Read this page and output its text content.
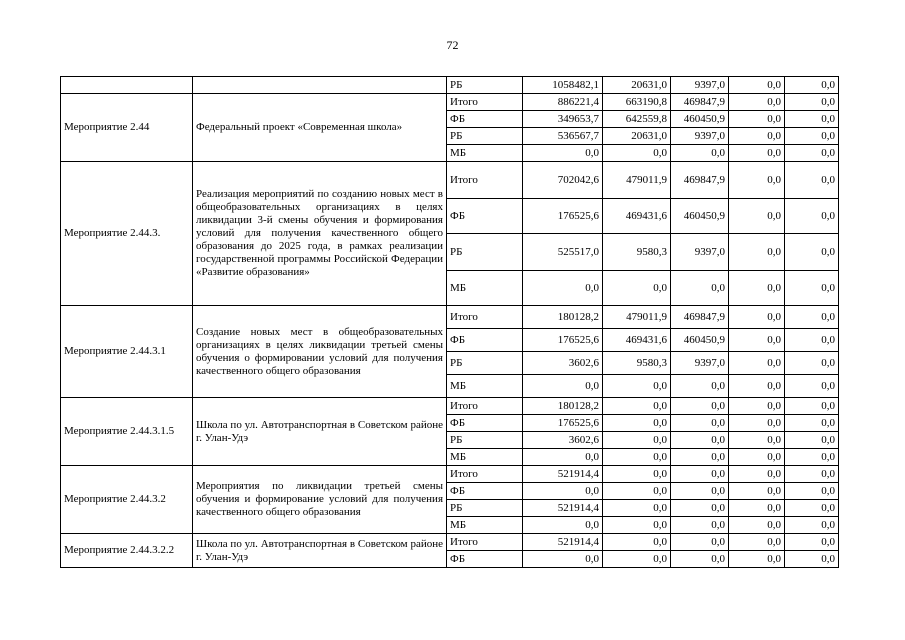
72
		РБ	1058482,1	20631,0	9397,0	0,0	0,0
Мероприятие 2.44	Федеральный проект «Современная школа»	Итого	886221,4	663190,8	469847,9	0,0	0,0
		ФБ	349653,7	642559,8	460450,9	0,0	0,0
		РБ	536567,7	20631,0	9397,0	0,0	0,0
		МБ	0,0	0,0	0,0	0,0	0,0
Мероприятие 2.44.3.	Реализация мероприятий по созданию новых мест в общеобразовательных организациях в целях ликвидации 3-й смены обучения и формирования условий для получения качественного общего образования до 2025 года, в рамках реализации государственной программы Российской Федерации «Развитие образования»	Итого	702042,6	479011,9	469847,9	0,0	0,0
		ФБ	176525,6	469431,6	460450,9	0,0	0,0
		РБ	525517,0	9580,3	9397,0	0,0	0,0
		МБ	0,0	0,0	0,0	0,0	0,0
Мероприятие 2.44.3.1	Создание новых мест в общеобразовательных организациях в целях ликвидации третьей смены обучения о формировании условий для получения качественного общего образования	Итого	180128,2	479011,9	469847,9	0,0	0,0
		ФБ	176525,6	469431,6	460450,9	0,0	0,0
		РБ	3602,6	9580,3	9397,0	0,0	0,0
		МБ	0,0	0,0	0,0	0,0	0,0
Мероприятие 2.44.3.1.5	Школа по ул. Автотранспортная в Советском районе г. Улан-Удэ	Итого	180128,2	0,0	0,0	0,0	0,0
		ФБ	176525,6	0,0	0,0	0,0	0,0
		РБ	3602,6	0,0	0,0	0,0	0,0
		МБ	0,0	0,0	0,0	0,0	0,0
Мероприятие 2.44.3.2	Мероприятия по ликвидации третьей смены обучения и формирование условий для получения качественного общего образования	Итого	521914,4	0,0	0,0	0,0	0,0
		ФБ	0,0	0,0	0,0	0,0	0,0
		РБ	521914,4	0,0	0,0	0,0	0,0
		МБ	0,0	0,0	0,0	0,0	0,0
Мероприятие 2.44.3.2.2	Школа по ул. Автотранспортная в Советском районе г. Улан-Удэ	Итого	521914,4	0,0	0,0	0,0	0,0
		ФБ	0,0	0,0	0,0	0,0	0,0
